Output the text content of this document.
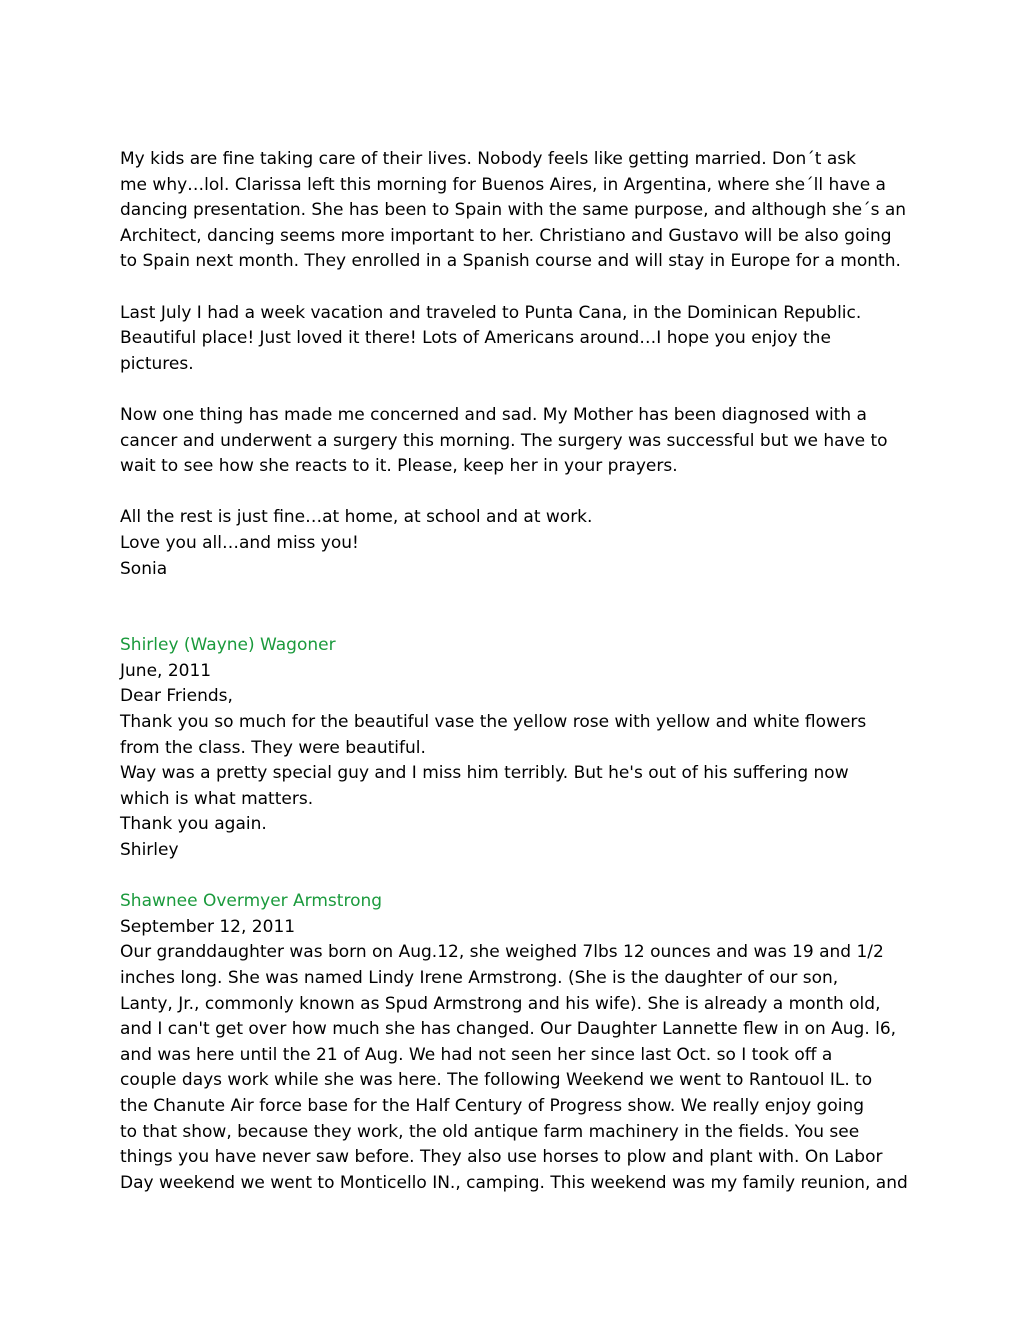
My kids are fine taking care of their lives. Nobody feels like getting married. Don´t ask
me why…lol. Clarissa left this morning for Buenos Aires, in Argentina, where she´ll have a
dancing presentation. She has been to Spain with the same purpose, and although she´s an
Architect, dancing seems more important to her. Christiano and Gustavo will be also going
to Spain next month. They enrolled in a Spanish course and will stay in Europe for a month.
Last July I had a week vacation and traveled to Punta Cana, in the Dominican Republic.
Beautiful place! Just loved it there! Lots of Americans around…I hope you enjoy the
pictures.
Now one thing has made me concerned and sad. My Mother has been diagnosed with a
cancer and underwent a surgery this morning. The surgery was successful but we have to
wait to see how she reacts to it. Please, keep her in your prayers.
All the rest is just fine…at home, at school and at work.
Love you all…and miss you!
Sonia
Shirley (Wayne) Wagoner
June, 2011
Dear Friends,
Thank you so much for the beautiful vase the yellow rose with yellow and white flowers
from the class. They were beautiful.
Way was a pretty special guy and I miss him terribly. But he's out of his suffering now
which is what matters.
Thank you again.
Shirley
Shawnee Overmyer Armstrong
September 12, 2011
Our granddaughter was born on Aug.12, she weighed 7lbs 12 ounces and was 19 and 1/2
inches long. She was named Lindy Irene Armstrong. (She is the daughter of our son,
Lanty, Jr., commonly known as Spud Armstrong and his wife). She is already a month old,
and I can't get over how much she has changed. Our Daughter Lannette flew in on Aug. l6,
and was here until the 21 of Aug. We had not seen her since last Oct. so I took off a
couple days work while she was here. The following Weekend we went to Rantouol IL. to
the Chanute Air force base for the Half Century of Progress show. We really enjoy going
to that show, because they work, the old antique farm machinery in the fields. You see
things you have never saw before. They also use horses to plow and plant with. On Labor
Day weekend we went to Monticello IN., camping. This weekend was my family reunion, and
